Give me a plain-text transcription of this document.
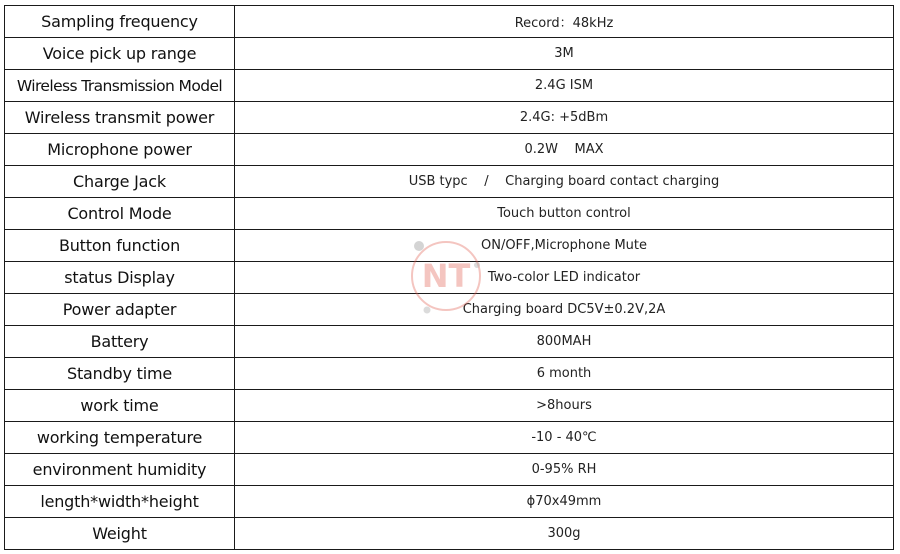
Sampling frequency	Record：48kHz
Voice pick up range	3M
Wireless Transmission Model	2.4G ISM
Wireless transmit power	2.4G: +5dBm
Microphone power	0.2W    MAX
Charge Jack	USB typc    /    Charging board contact charging
Control Mode	Touch button control
Button function	ON/OFF,Microphone Mute
status Display	Two-color LED indicator
Power adapter	Charging board DC5V±0.2V,2A
Battery	800MAH
Standby time	6 month
work time	>8hours
working temperature	-10 - 40℃
environment humidity	0-95% RH
length*width*height	ϕ70x49mm
Weight	300g
NT
